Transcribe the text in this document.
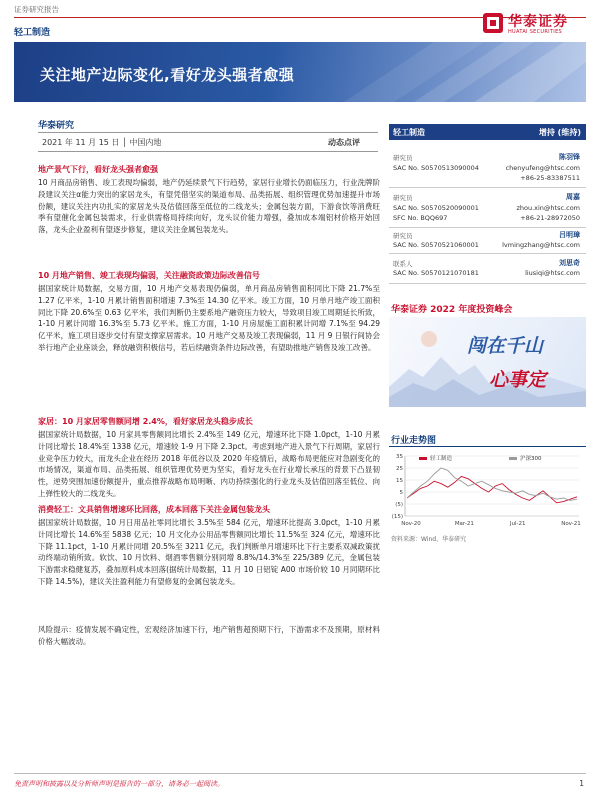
证券研究报告
轻工制造
华泰证券
HUATAI SECURITIES
关注地产边际变化,看好龙头强者愈强
华泰研究
2021 年 11 月 15 日 │ 中国内地	动态点评
地产景气下行，看好龙头强者愈强
10 月商品房销售、竣工表现均偏弱，地产仍延续景气下行趋势，家居行业增长仍面临压力，行业洗牌阶段建议关注α能力突出的家居龙头，有望凭借坚实的渠道布局、品类拓展、组织管理优势加速提升市场份额，建议关注内功扎实的家居龙头及估值回落至低位的二线龙头；金属包装方面，下游食饮等消费旺季有望催化金属包装需求，行业供需格局持续向好，龙头议价能力增强，叠加成本端铝材价格开始回落，龙头企业盈利有望逐步修复，建议关注金属包装龙头。
10 月地产销售、竣工表现均偏弱，关注融资政策边际改善信号
据国家统计局数据，交易方面，10 月地产交易表现仍偏弱，单月商品房销售面积同比下降 21.7%至 1.27 亿平米，1-10 月累计销售面积增速 7.3%至 14.30 亿平米。竣工方面，10 月单月地产竣工面积同比下降 20.6%至 0.63 亿平米，我们判断仍主要系地产融资压力较大，导致项目竣工周期延长所致，1-10 月累计同增 16.3%至 5.73 亿平米。施工方面，1-10 月房屋施工面积累计同增 7.1%至 94.29 亿平米，施工项目逐步交付有望支撑家居需求。10 月地产交易及竣工表现偏弱，11 月 9 日银行间协会举行地产企业座谈会，释放融资积极信号，若后续融资条件边际改善，有望助推地产销售及竣工改善。
家居：10 月家居零售额同增 2.4%，看好家居龙头稳步成长
据国家统计局数据，10 月家具零售额同比增长 2.4%至 149 亿元，增速环比下降 1.0pct，1-10 月累计同比增长 18.4%至 1338 亿元，增速较 1-9 月下降 2.3pct。考虑到地产进入景气下行周期，家居行业竞争压力较大，而龙头企业在经历 2018 年低谷以及 2020 年疫情后，战略布局更能应对急剧变化的市场情况，渠道布局、品类拓展、组织管理优势更为坚实，看好龙头在行业增长承压的背景下凸显韧性，逆势突围加速份额提升，重点推荐战略布局明晰、内功持续强化的行业龙头及估值回落至低位、向上弹性较大的二线龙头。
消费轻工：文具销售增速环比回落，成本回落下关注金属包装龙头
据国家统计局数据，10 月日用品社零同比增长 3.5%至 584 亿元，增速环比提高 3.0pct，1-10 月累计同比增长 14.6%至 5838 亿元；10 月文化办公用品零售额同比增长 11.5%至 324 亿元，增速环比下降 11.1pct，1-10 月累计同增 20.5%至 3211 亿元，我们判断单月增速环比下行主要系双减政策扰动终端动销所致。软饮、10 月饮料、烟酒零售额分别同增 8.8%/14.3%至 225/389 亿元，金属包装下游需求稳健复苏，叠加原料成本回落(据统计局数据，11 月 10 日铝锭 A00 市场价较 10 月同期环比下降 14.5%)，建议关注盈利能力有望修复的金属包装龙头。
风险提示：疫情发展不确定性，宏观经济加速下行，地产销售超预期下行，下游需求不及预期，原材料价格大幅波动。
轻工制造	增持 (维持)
研究员	陈羽锋
SAC No. S0570513090004	chenyufeng@htsc.com
+86-25-83387511
研究员	周嘉
SAC No. S0570520090001	zhou.xin@htsc.com
SFC No. BQQ697	+86-21-28972050
研究员	吕明璋
SAC No. S0570521060001	lvmingzhang@htsc.com
联系人	刘思奇
SAC No. S0570121070181	liusiqi@htsc.com
华泰证券 2022 年度投资峰会
闯在千山
心事定
行业走势图
(15)
(5)
5
15
25
35
Nov-20	Mar-21	Jul-21	Nov-21
轻工制造	沪深300
资料来源：Wind，华泰研究
免责声明和披露以及分析师声明是报告的一部分，请务必一起阅读。	1
